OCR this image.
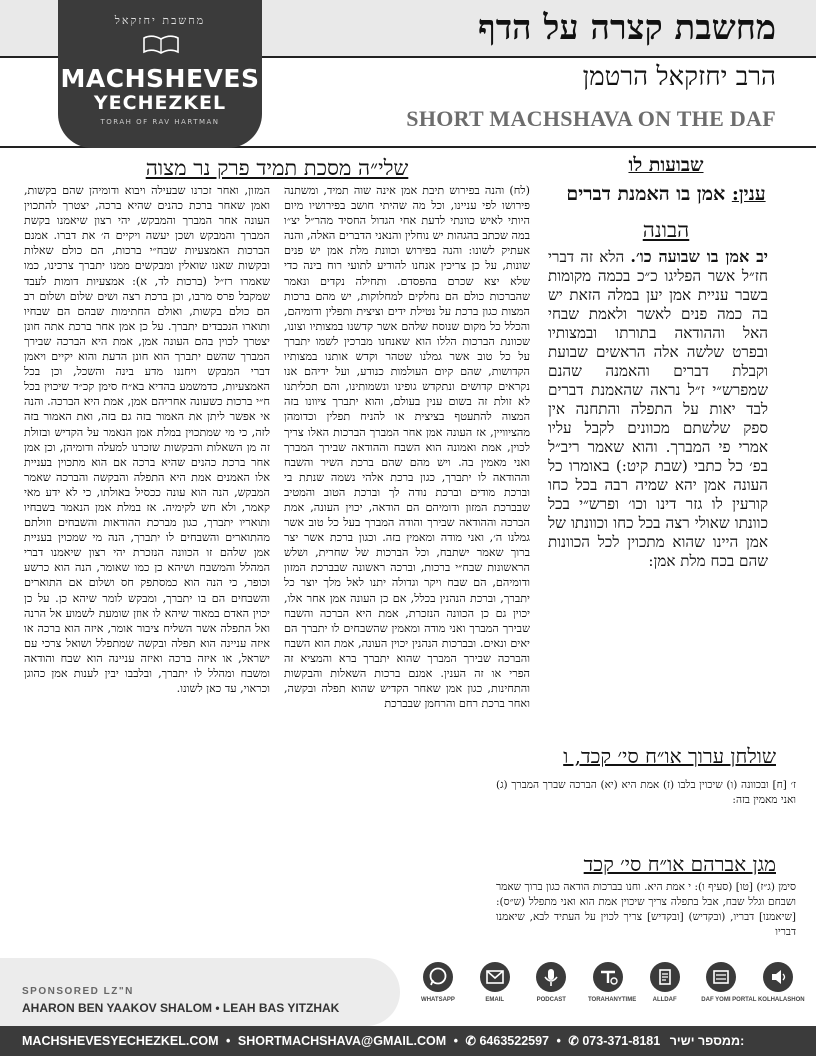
מחשבת יחזקאל
MACHSHEVES
YECHEZKEL
TORAH OF RAV HARTMAN
מחשבת קצרה על הדף
הרב יחזקאל הרטמן
SHORT MACHSHAVA ON THE DAF
שבועות לו
ענין: אמן בו האמנת דברים
הבונה
יב אמן בו שבועה כו׳. הלא זה דברי חז״ל אשר הפליגו כ״כ בכמה מקומות בשבר עניית אמן יען במלה הזאת יש בה כמה פנים לאשר ולאמת שבחי האל וההודאה בתורתו ובמצותיו ובפרט שלשה אלה הראשים שבועת וקבלת דברים והאמנה שהנם שמפרש״י ז״ל נראה שהאמנת דברים לבד יאות על התפלה והתחנה אין ספק שלשתם מכוונים לקבל עליו אמרי פי המברך. והוא שאמר ריב״ל בפ׳ כל כתבי (שבת קיט:) באומרו כל העונה אמן יהא שמיה רבה בכל כחו קורעין לו גזר דינו וכו׳ ופרש״י בכל כוונתו שאולי רצה בכל כחו וכוונתו של אמן היינו שהוא מתכוין לכל הכוונות שהם בכח מלת אמן:
שלי״ה מסכת תמיד פרק נר מצוה
(לח) והנה בפירוש תיבת אמן אינה שוה תמיד, ומשתנה פירושו לפי עניינו, וכל מה שהיתי חושב בפירושיו מיום היותי לאיש כוונתי לדעת אחי הגדול החסיד מהר״ל יצ״ו במה שכתב בהגהות יש נוחלין והנאני הדברים האלה, והנה אעתיק לשונו: והנה בפירוש וכוונת מלת אמן יש פנים שונות, על כן צריכין אנחנו להודיע לתועי רוח בינה כדי שלא יצא שכרם בהפסדם. ותחילה נקדים ונאמר שהברכות כולם הם נחלקים למחלוקות, יש מהם ברכות המצות כגון ברכת על נטילת ידים וציצית ותפלין ודומיהם, והכלל כל מקום שנוסח שלהם אשר קדשנו במצותיו וצונו, שכוונת הברכות הללו הוא שאנחנו מברכין לשמו יתברך על כל טוב אשר גמלנו שטהר וקדש אותנו במצותיו הקדושות, שהם קיום העולמות כנודע, ועל ידיהם אנו נקראים קדושים ונתקדש גופינו ונשמותינו, והם תכליתנו לא זולת זה בשום ענין בעולם, והוא יתברך ציוונו בזה המצוה להתעטף בציצית או להניח תפלין וכדומהן מהציוויין, אז העונה אמן אחר המברך הברכות האלו צריך לכוין, אמת ואמונה הוא השבח וההודאה שבירך המברך ואני מאמין בה. ויש מהם שהם ברכת השיר והשבח וההודאה לו יתברך, כגון ברכת אלהי נשמה שנתת בי וברכת מודים וברכת נודה לך וברכת הטוב והמטיב שבברכת המזון ודומיהם הם הודאה, יכוין העונה, אמת הברכה וההודאה שבירך והודה המברך בעל כל טוב אשר גמלנו ה׳, ואני מודה ומאמין בזה. וכגון ברכת אשר יצר ברוך שאמר ישתבח, וכל הברכות של שחרית, ושלש הראשונות שבח״י ברכות, וברכה ראשונה שבברכת המזון ודומיהם, הם שבח ויקר וגדולה יתנו לאל מלך יוצר כל יתברך, וברכת הנהנין בכלל, אם כן העונה אמן אחר אלו, יכוין גם כן הכוונה הנזכרת, אמת היא הברכה והשבח שבירך המברך ואני מודה ומאמין שהשבחים לו יתברך הם יאים ונאים. ובברכות הנהנין יכוין העונה, אמת הוא השבח והברכה שבירך המברך שהוא יתברך ברא והמציא זה הפרי או זה הענין. אמנם ברכות השאלות והבקשות והתחינות, כגון אמן שאחר הקדיש שהוא תפלה ובקשה, ואחר ברכת רחם והרחמן שבברכת
המזון, ואחר זכרנו שבעילה ויבוא ודומיהן שהם בקשות, ואמן שאחר ברכת כהנים שהיא ברכה, יצטרך להתכוין העונה אחר המברך והמבקש, יהי רצון שיאמנו בקשת המברך והמבקש ושכן יעשה ויקיים ה׳ את דברו. אמנם הברכות האמצעיות שבח״י ברכות, הם כולם שאלות ובקשות שאנו שואלין ומבקשים ממנו יתברך צרכינו, כמו שאמרו רז״ל (ברכות לד, א): אמצעיות דומות לעבד שמקבל פרס מרבו, וכן ברכת רצה ושים שלום ושלום רב הם כולם בקשות, ואולם החתימות שבהם הם שבחיו ותוארו הנכבדים יתברך. על כן אמן אחר ברכת אתה חונן יצטרך לכוין בהם העונה אמן, אמת היא הברכה שבירך המברך שהשם יתברך הוא חונן הדעת והוא יקיים ויאמן דברי המבקש ויחננו מדע בינה והשכל, וכן בכל האמצעיות, כדמשמע בהדיא בא״ח סימן קכ״ד שיכוין בכל ח״י ברכות כשעונה אחריהם אמן, אמת היא הברכה. והנה אי אפשר ליתן את האמור בזה גם בזה, ואת האמור בזה לזה, כי מי שמתכוין במלת אמן הנאמר על הקדיש ובזולת זה מן השאלות והבקשות שזכרנו למעלה ודומיהן, וכן אמן אחר ברכת כהנים שהיא ברכה אם הוא מתכוין בעניית אלו האמנים אמת היא התפלה והבקשה והברכה שאמר המבקש, הנה הוא עונה ככסיל באולתו, כי לא ידע מאי קאמר, ולא חש לקימיה. אז במלת אמן הנאמר בשבחיו ותואריו יתברך, כגון מברכת ההודאות והשבחים וזולתם מהתוארים והשבחים לו יתברך, הנה מי שמכוין בעניית אמן שלהם זו הכוונה הנזכרת יהי רצון שיאמנו דברי המהלל והמשבח ושיהא כן כמו שאומר, הנה הוא כרשע וכופר, כי הנה הוא כמסתפק חס ושלום אם התוארים והשבחים הם בו יתברך, ומבקש לומר שיהא כן. על כן יכוין האדם במאוד שיהא לו אוזן שומעת לשמוע אל הרנה ואל התפלה אשר השליח ציבור אומר, איזה הוא ברכה או איזה עניינה הוא תפלה ובקשה שמתפלל ושואל צרכי עם ישראל, או איזה ברכה ואיזה עניינה הוא שבח והודאה ומשבח ומהלל לו יתברך, ובלבבו יבין לענות אמן כהוגן וכראוי, עד כאן לשונו.
שולחן ערוך או״ח סי׳ קכד, ו
ז׳ [ח] ובכוונה (ו) שיכוין בלבו (ז) אמת היא (יא) הברכה שברך המברך (ג) ואני מאמין בזה:
מגן אברהם או״ח סי׳ קכד
סימן (ג״ז) [טו] (סעיף ו): י אמת היא. וחנו בברכות הודאה כגון ברוך שאמר ושבחם וגלל שבח, אבל בתפלה צריך שיכוין אמת הוא ואני מתפלל (ש״ס): [שיאמנו] דבריו, (ובקדיש) [ובקדיש] צריך לכוין על העתיד לבא, שיאמנו דבריו
SPONSORED LZ"N
AHARON BEN YAAKOV SHALOM • LEAH BAS YITZHAK
WHATSAPP	EMAIL	PODCAST	TORAHANYTIME	ALLDAF	DAF YOMI PORTAL KOLHALASHON
MACHSHEVESYECHEZKEL.COM • SHORTMACHSHAVA@GMAIL.COM • ✆ 6463522597 • ✆ 073-371-8181 ממספר ישיר:
